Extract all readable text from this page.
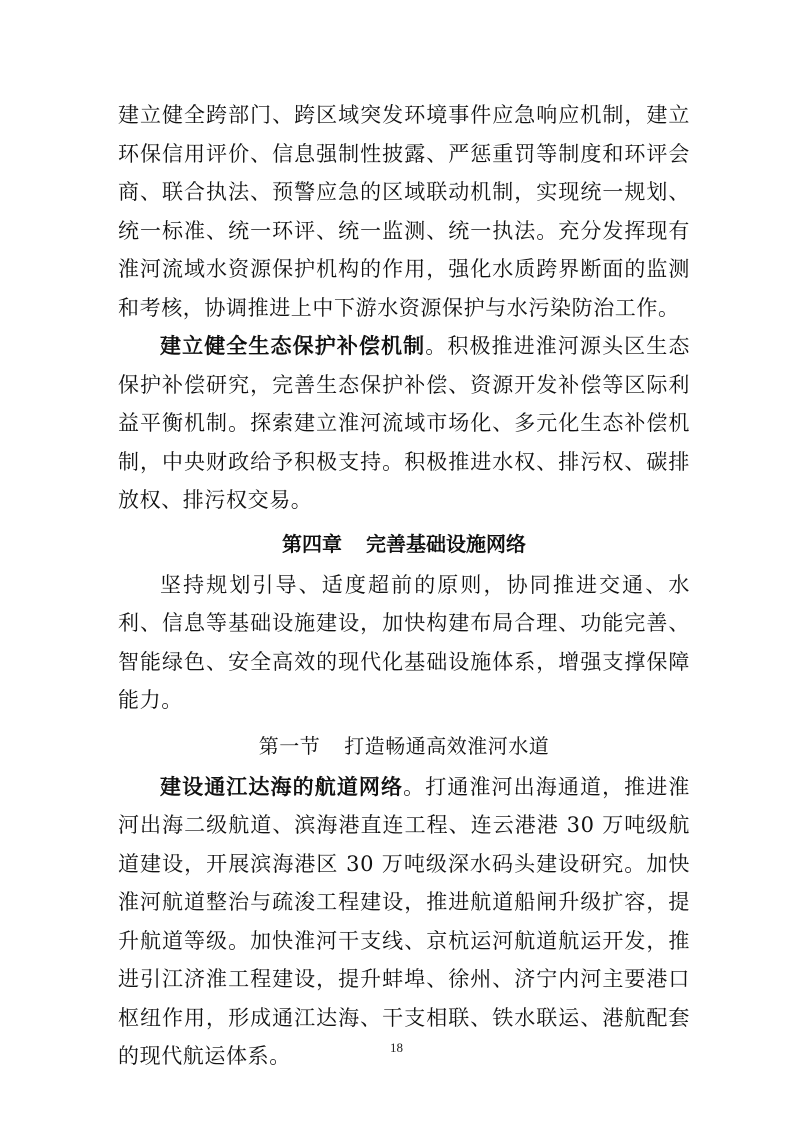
建立健全跨部门、跨区域突发环境事件应急响应机制，建立环保信用评价、信息强制性披露、严惩重罚等制度和环评会商、联合执法、预警应急的区域联动机制，实现统一规划、统一标准、统一环评、统一监测、统一执法。充分发挥现有淮河流域水资源保护机构的作用，强化水质跨界断面的监测和考核，协调推进上中下游水资源保护与水污染防治工作。

建立健全生态保护补偿机制。积极推进淮河源头区生态保护补偿研究，完善生态保护补偿、资源开发补偿等区际利益平衡机制。探索建立淮河流域市场化、多元化生态补偿机制，中央财政给予积极支持。积极推进水权、排污权、碳排放权、排污权交易。

第四章 完善基础设施网络

坚持规划引导、适度超前的原则，协同推进交通、水利、信息等基础设施建设，加快构建布局合理、功能完善、智能绿色、安全高效的现代化基础设施体系，增强支撑保障能力。

第一节 打造畅通高效淮河水道

建设通江达海的航道网络。打通淮河出海通道，推进淮河出海二级航道、滨海港直连工程、连云港港 30 万吨级航道建设，开展滨海港区 30 万吨级深水码头建设研究。加快淮河航道整治与疏浚工程建设，推进航道船闸升级扩容，提升航道等级。加快淮河干支线、京杭运河航道航运开发，推进引江济淮工程建设，提升蚌埠、徐州、济宁内河主要港口枢纽作用，形成通江达海、干支相联、铁水联运、港航配套的现代航运体系。	18
